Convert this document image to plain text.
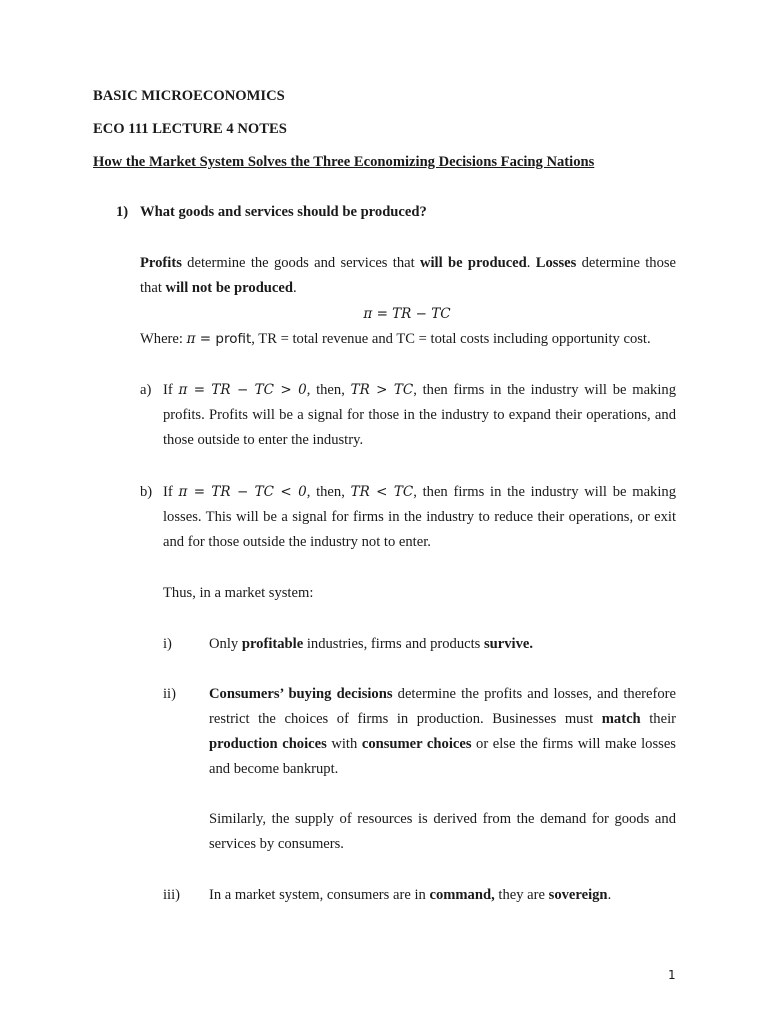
BASIC MICROECONOMICS
ECO 111 LECTURE 4 NOTES
How the Market System Solves the Three Economizing Decisions Facing Nations
1) What goods and services should be produced?

Profits determine the goods and services that will be produced. Losses determine those that will not be produced.

π = TR − TC

Where: π = profit, TR = total revenue and TC = total costs including opportunity cost.

a) If π = TR − TC > 0, then, TR > TC, then firms in the industry will be making profits. Profits will be a signal for those in the industry to expand their operations, and those outside to enter the industry.

b) If π = TR − TC < 0, then, TR < TC, then firms in the industry will be making losses. This will be a signal for firms in the industry to reduce their operations, or exit and for those outside the industry not to enter.

Thus, in a market system:
i)	Only profitable industries, firms and products survive.

ii) Consumers’ buying decisions determine the profits and losses, and therefore restrict the choices of firms in production. Businesses must match their production choices with consumer choices or else the firms will make losses and become bankrupt.

Similarly, the supply of resources is derived from the demand for goods and services by consumers.

iii) In a market system, consumers are in command, they are sovereign.

1
